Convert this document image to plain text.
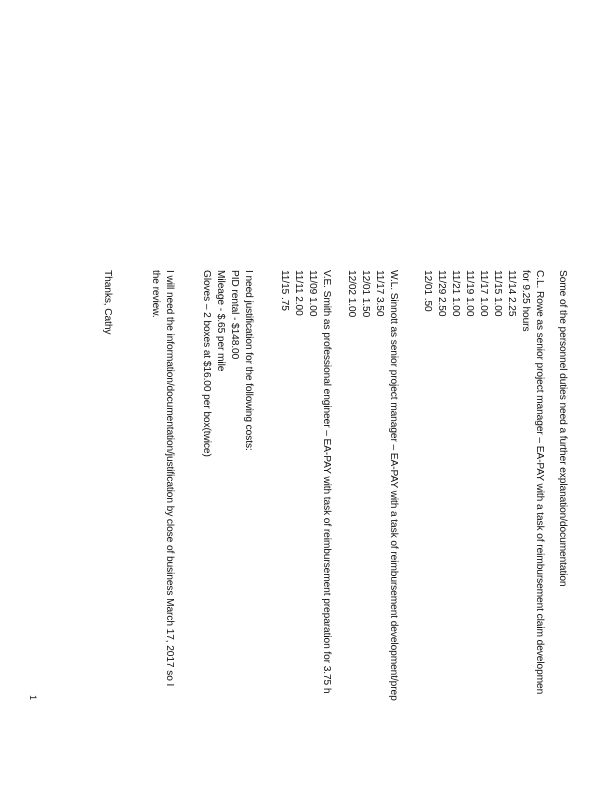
Some of the personnel duties need a further explanation/documentation
C.L. Rowe as senior project manager – EA-PAY with a task of reimbursement claim developmen
for 9.25 hours
11/14 2.25
11/15 1.00
11/17 1.00
11/19 1.00
11/21 1.00
11/29 2.50
12/01 .50
W.L. Sinnott as senior project manager – EA-PAY with a task of reimbursement development/prep
11/17 3.50
12/01 1.50
12/02 1.00
V.E. Smith as professional engineer – EA-PAY with task of reimbursement preparation for 3.75 h
11/09 1.00
11/11 2.00
11/15 .75
I need justification for the following costs:
PID rental - $148.00
Mileage - $.65 per mile
Gloves – 2 boxes at $16.00 per box(twice)
I will need the information/documentation/justification by close of business March 17, 2017 so I
the review.
Thanks, Cathy
1
